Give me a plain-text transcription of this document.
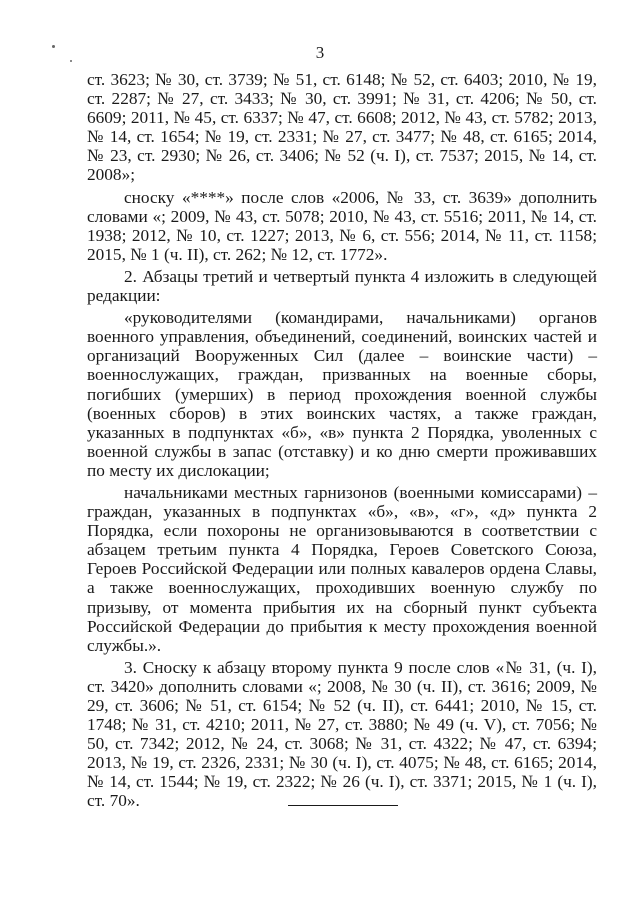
3

ст. 3623; № 30, ст. 3739; № 51, ст. 6148; № 52, ст. 6403; 2010, № 19, ст. 2287; № 27, ст. 3433; № 30, ст. 3991; № 31, ст. 4206; № 50, ст. 6609; 2011, № 45, ст. 6337; № 47, ст. 6608; 2012, № 43, ст. 5782; 2013, № 14, ст. 1654; № 19, ст. 2331; № 27, ст. 3477; № 48, ст. 6165; 2014, № 23, ст. 2930; № 26, ст. 3406; № 52 (ч. I), ст. 7537; 2015, № 14, ст. 2008»;

сноску «****» после слов «2006, № 33, ст. 3639» дополнить словами «; 2009, № 43, ст. 5078; 2010, № 43, ст. 5516; 2011, № 14, ст. 1938; 2012, № 10, ст. 1227; 2013, № 6, ст. 556; 2014, № 11, ст. 1158; 2015, № 1 (ч. II), ст. 262; № 12, ст. 1772».

2. Абзацы третий и четвертый пункта 4 изложить в следующей редакции:

«руководителями (командирами, начальниками) органов военного управления, объединений, соединений, воинских частей и организаций Вооруженных Сил (далее – воинские части) – военнослужащих, граждан, призванных на военные сборы, погибших (умерших) в период прохождения военной службы (военных сборов) в этих воинских частях, а также граждан, указанных в подпунктах «б», «в» пункта 2 Порядка, уволенных с военной службы в запас (отставку) и ко дню смерти проживавших по месту их дислокации;

начальниками местных гарнизонов (военными комиссарами) – граждан, указанных в подпунктах «б», «в», «г», «д» пункта 2 Порядка, если похороны не организовываются в соответствии с абзацем третьим пункта 4 Порядка, Героев Советского Союза, Героев Российской Федерации или полных кавалеров ордена Славы, а также военнослужащих, проходивших военную службу по призыву, от момента прибытия их на сборный пункт субъекта Российской Федерации до прибытия к месту прохождения военной службы.».

3. Сноску к абзацу второму пункта 9 после слов «№ 31, (ч. I), ст. 3420» дополнить словами «; 2008, № 30 (ч. II), ст. 3616; 2009, № 29, ст. 3606; № 51, ст. 6154; № 52 (ч. II), ст. 6441; 2010, № 15, ст. 1748; № 31, ст. 4210; 2011, № 27, ст. 3880; № 49 (ч. V), ст. 7056; № 50, ст. 7342; 2012, № 24, ст. 3068; № 31, ст. 4322; № 47, ст. 6394; 2013, № 19, ст. 2326, 2331; № 30 (ч. I), ст. 4075; № 48, ст. 6165; 2014, № 14, ст. 1544; № 19, ст. 2322; № 26 (ч. I), ст. 3371; 2015, № 1 (ч. I), ст. 70».
